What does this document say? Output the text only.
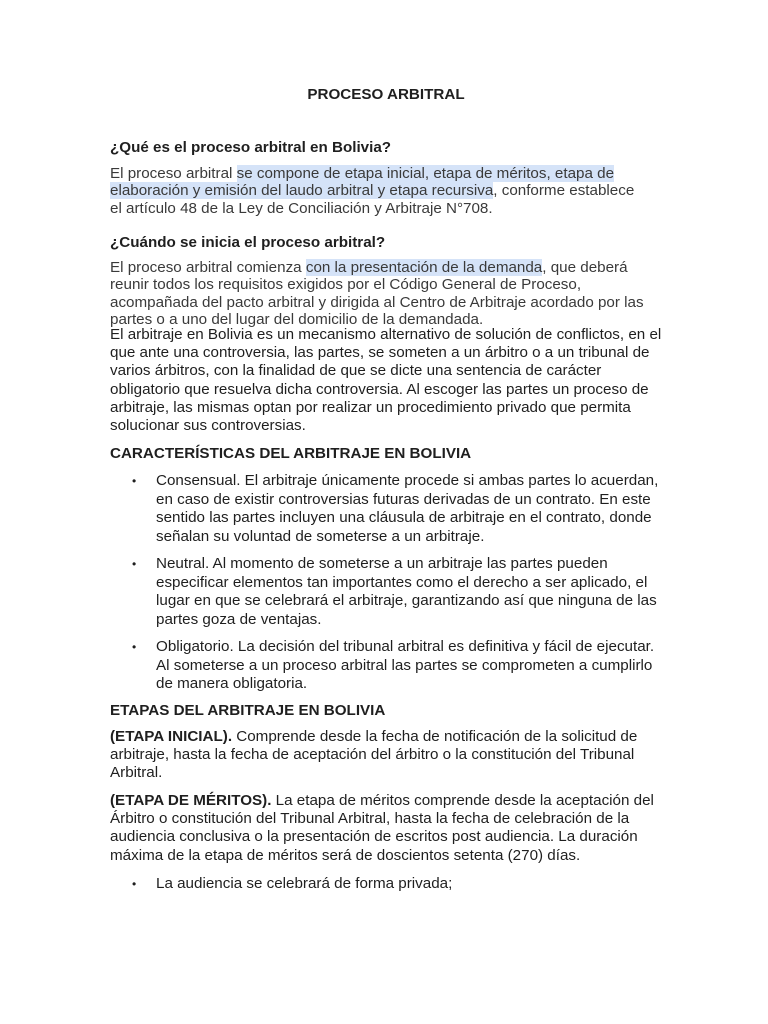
PROCESO ARBITRAL
¿Qué es el proceso arbitral en Bolivia?
El proceso arbitral se compone de etapa inicial, etapa de méritos, etapa de
elaboración y emisión del laudo arbitral y etapa recursiva, conforme establece
el artículo 48 de la Ley de Conciliación y Arbitraje N°708.
¿Cuándo se inicia el proceso arbitral?
El proceso arbitral comienza con la presentación de la demanda, que deberá
reunir todos los requisitos exigidos por el Código General de Proceso,
acompañada del pacto arbitral y dirigida al Centro de Arbitraje acordado por las
partes o a uno del lugar del domicilio de la demandada.
El arbitraje en Bolivia es un mecanismo alternativo de solución de conflictos, en el que ante una controversia, las partes, se someten a un árbitro o a un tribunal de varios árbitros, con la finalidad de que se dicte una sentencia de carácter obligatorio que resuelva dicha controversia. Al escoger las partes un proceso de arbitraje, las mismas optan por realizar un procedimiento privado que permita solucionar sus controversias.
CARACTERÍSTICAS DEL ARBITRAJE EN BOLIVIA
• Consensual. El arbitraje únicamente procede si ambas partes lo acuerdan, en caso de existir controversias futuras derivadas de un contrato. En este sentido las partes incluyen una cláusula de arbitraje en el contrato, donde señalan su voluntad de someterse a un arbitraje.
• Neutral. Al momento de someterse a un arbitraje las partes pueden especificar elementos tan importantes como el derecho a ser aplicado, el lugar en que se celebrará el arbitraje, garantizando así que ninguna de las partes goza de ventajas.
• Obligatorio. La decisión del tribunal arbitral es definitiva y fácil de ejecutar. Al someterse a un proceso arbitral las partes se comprometen a cumplirlo de manera obligatoria.
ETAPAS DEL ARBITRAJE EN BOLIVIA
(ETAPA INICIAL). Comprende desde la fecha de notificación de la solicitud de arbitraje, hasta la fecha de aceptación del árbitro o la constitución del Tribunal Arbitral.
(ETAPA DE MÉRITOS). La etapa de méritos comprende desde la aceptación del Árbitro o constitución del Tribunal Arbitral, hasta la fecha de celebración de la audiencia conclusiva o la presentación de escritos post audiencia. La duración máxima de la etapa de méritos será de doscientos setenta (270) días.
• La audiencia se celebrará de forma privada;
